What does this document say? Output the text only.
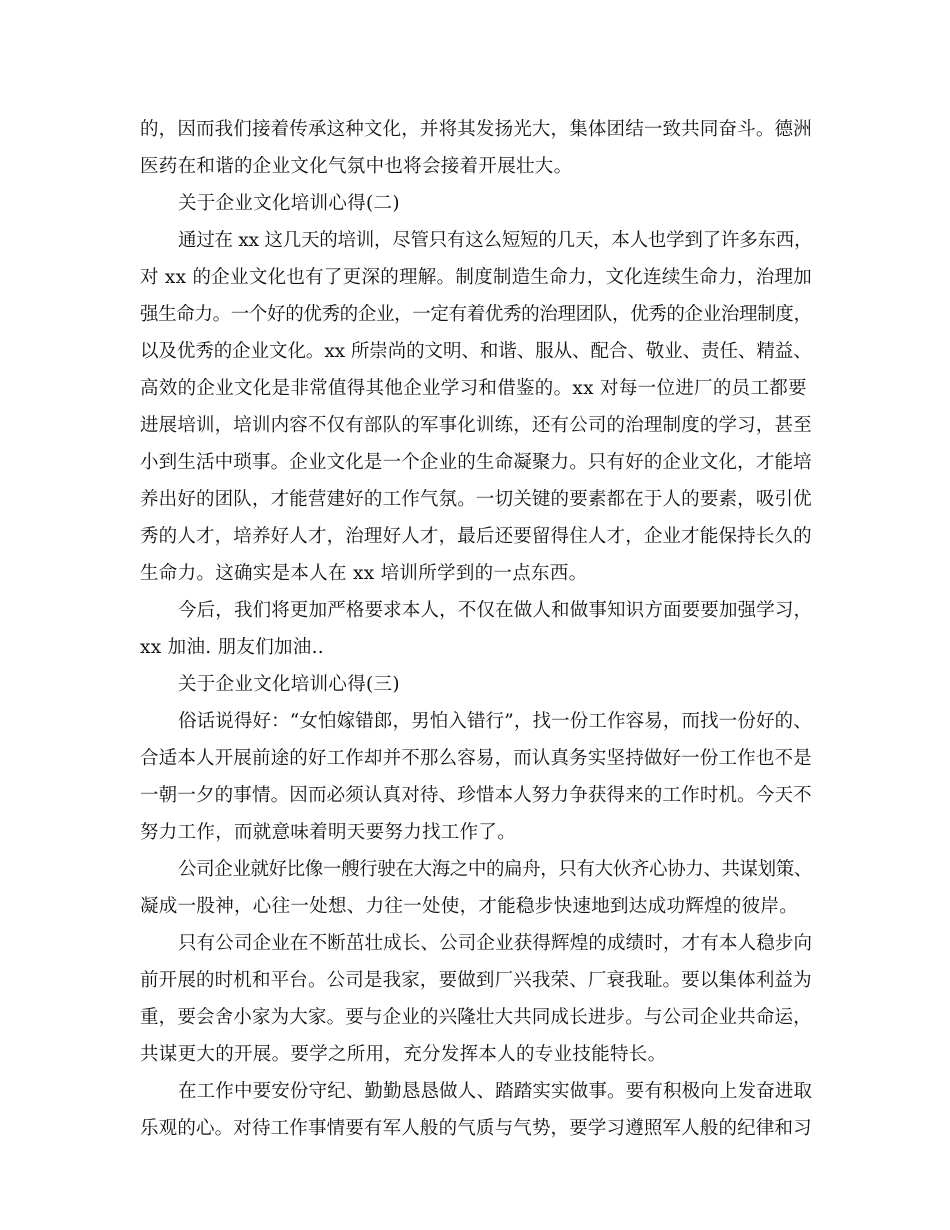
的，因而我们接着传承这种文化，并将其发扬光大，集体团结一致共同奋斗。德洲
医药在和谐的企业文化气氛中也将会接着开展壮大。
关于企业文化培训心得(二)
通过在 xx 这几天的培训，尽管只有这么短短的几天，本人也学到了许多东西，
对 xx 的企业文化也有了更深的理解。制度制造生命力，文化连续生命力，治理加
强生命力。一个好的优秀的企业，一定有着优秀的治理团队，优秀的企业治理制度，
以及优秀的企业文化。xx 所崇尚的文明、和谐、服从、配合、敬业、责任、精益、
高效的企业文化是非常值得其他企业学习和借鉴的。xx 对每一位进厂的员工都要
进展培训，培训内容不仅有部队的军事化训练，还有公司的治理制度的学习，甚至
小到生活中琐事。企业文化是一个企业的生命凝聚力。只有好的企业文化，才能培
养出好的团队，才能营建好的工作气氛。一切关键的要素都在于人的要素，吸引优
秀的人才，培养好人才，治理好人才，最后还要留得住人才，企业才能保持长久的
生命力。这确实是本人在 xx 培训所学到的一点东西。
今后，我们将更加严格要求本人，不仅在做人和做事知识方面要要加强学习，
xx 加油. 朋友们加油..
关于企业文化培训心得(三)
俗话说得好：“女怕嫁错郎，男怕入错行”，找一份工作容易，而找一份好的、
合适本人开展前途的好工作却并不那么容易，而认真务实坚持做好一份工作也不是
一朝一夕的事情。因而必须认真对待、珍惜本人努力争获得来的工作时机。今天不
努力工作，而就意味着明天要努力找工作了。
公司企业就好比像一艘行驶在大海之中的扁舟，只有大伙齐心协力、共谋划策、
凝成一股神，心往一处想、力往一处使，才能稳步快速地到达成功辉煌的彼岸。
只有公司企业在不断茁壮成长、公司企业获得辉煌的成绩时，才有本人稳步向
前开展的时机和平台。公司是我家，要做到厂兴我荣、厂衰我耻。要以集体利益为
重，要会舍小家为大家。要与企业的兴隆壮大共同成长进步。与公司企业共命运，
共谋更大的开展。要学之所用，充分发挥本人的专业技能特长。
在工作中要安份守纪、勤勤恳恳做人、踏踏实实做事。要有积极向上发奋进取
乐观的心。对待工作事情要有军人般的气质与气势，要学习遵照军人般的纪律和习
